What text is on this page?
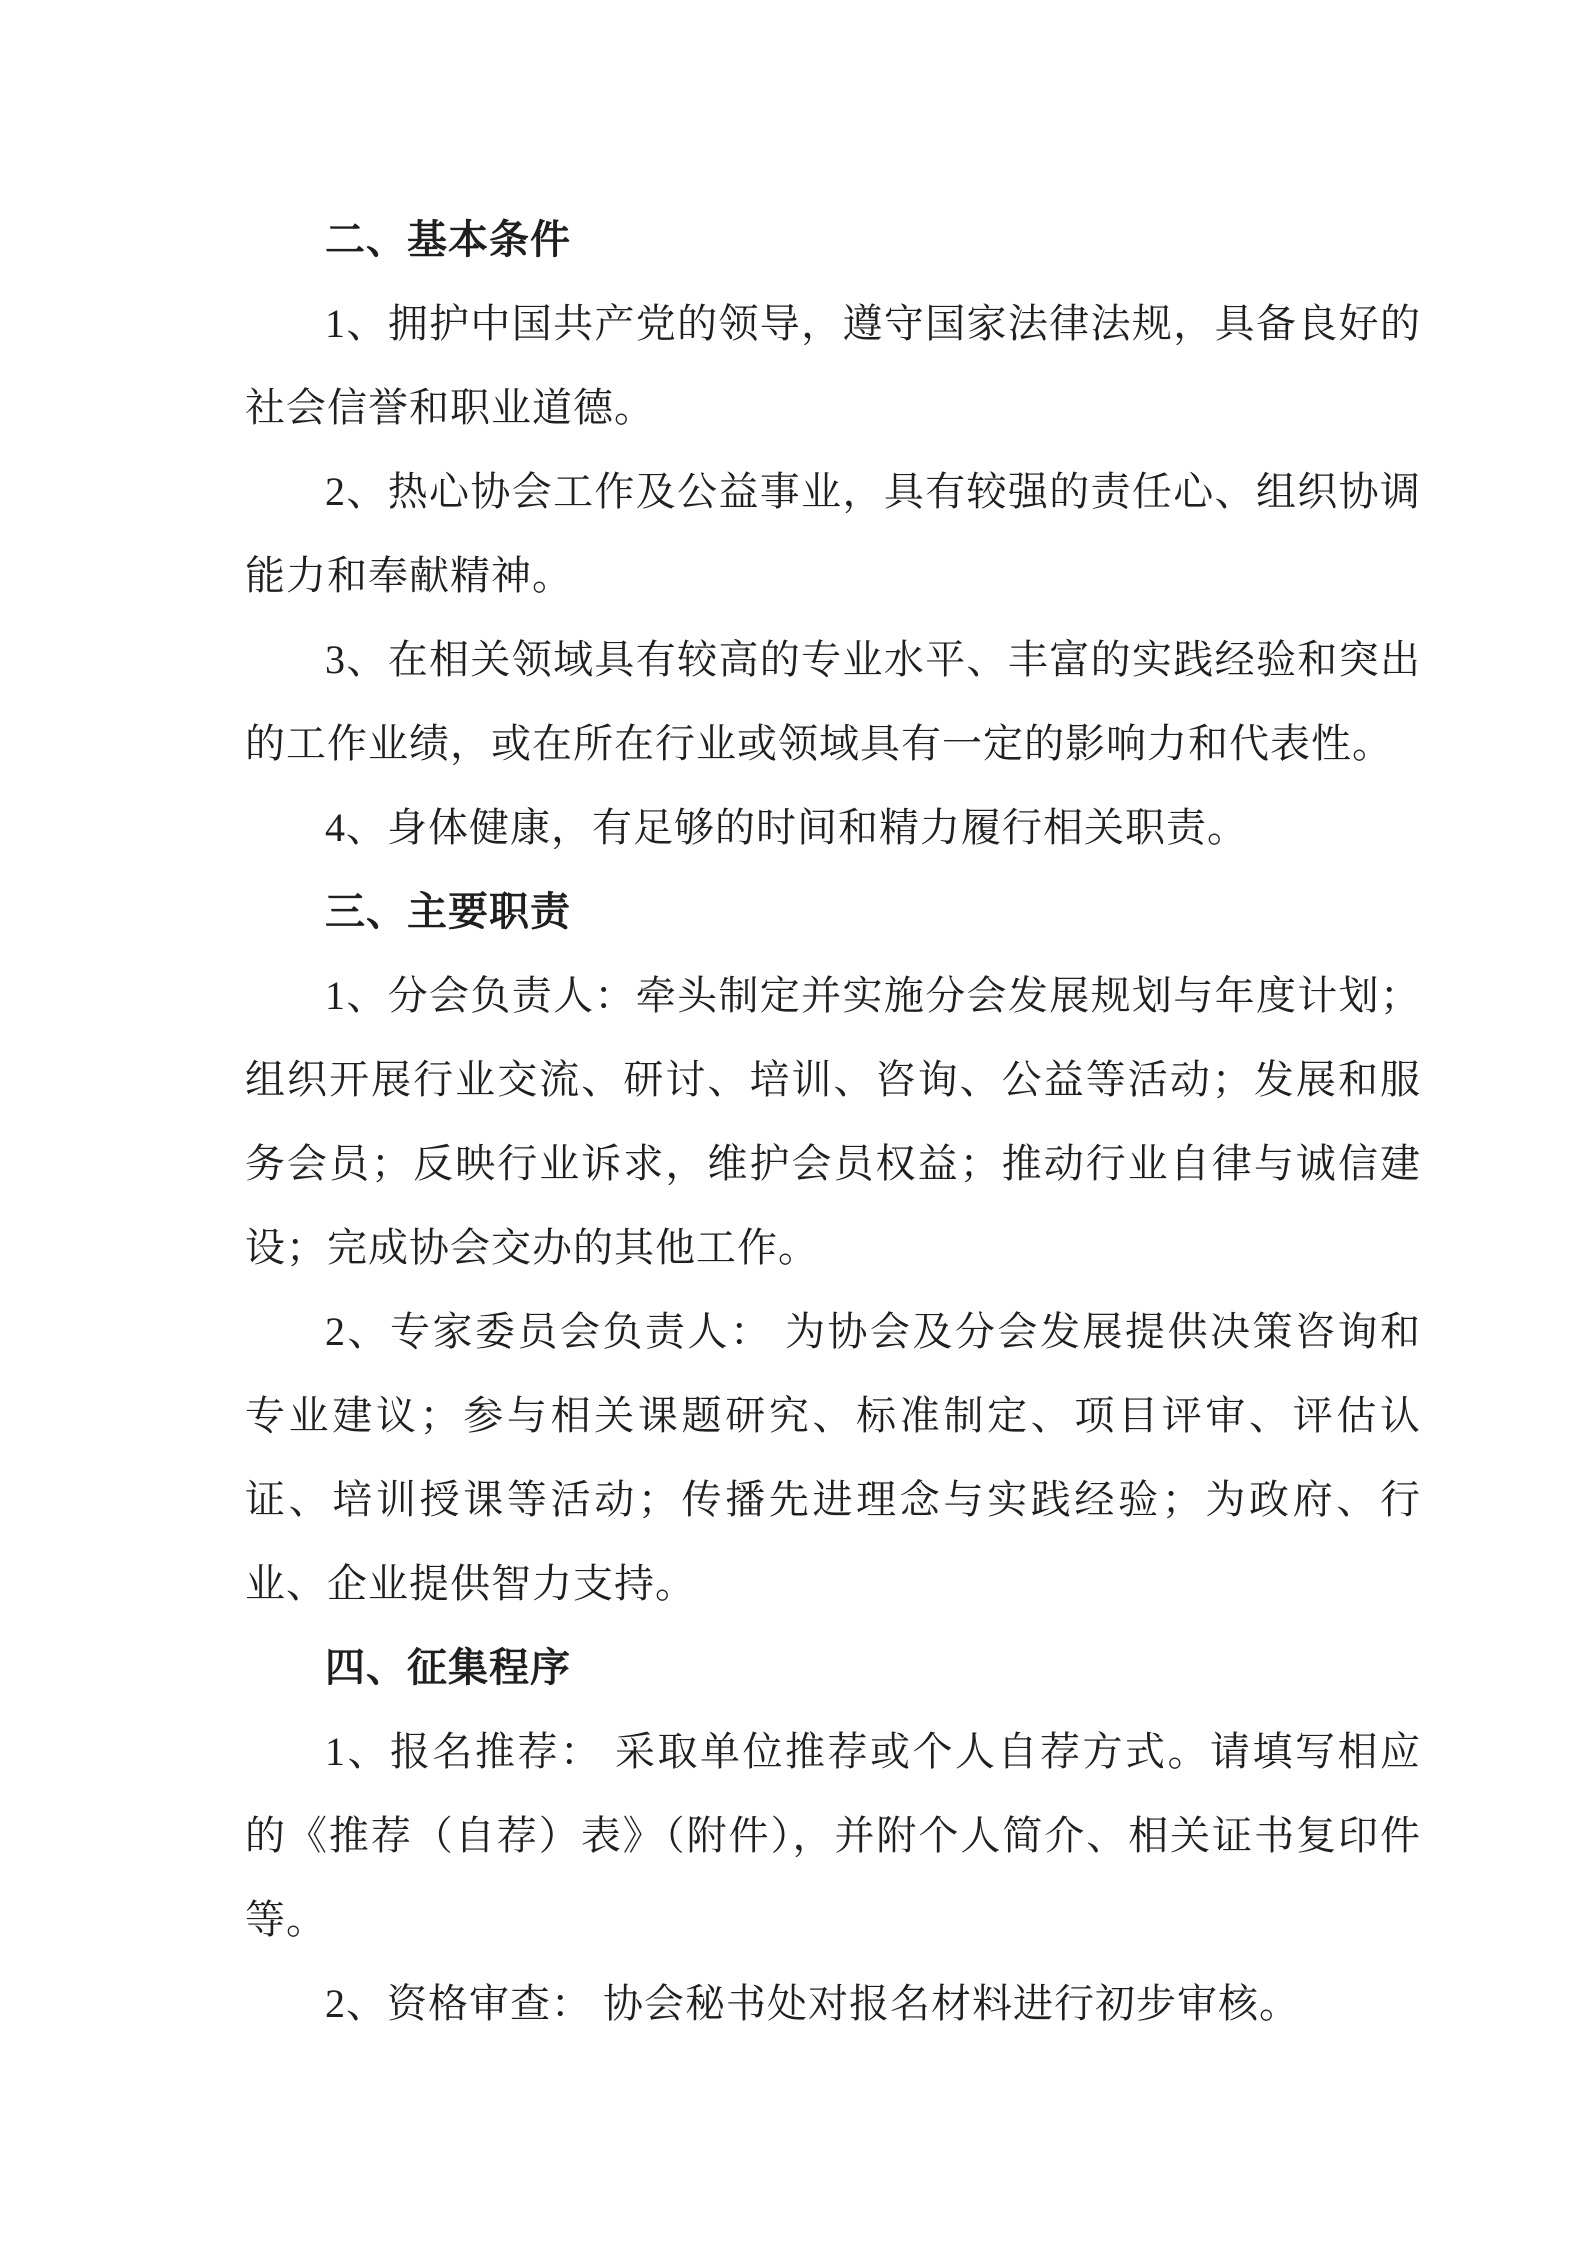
二、基本条件

1、拥护中国共产党的领导，遵守国家法律法规，具备良好的社会信誉和职业道德。

2、热心协会工作及公益事业，具有较强的责任心、组织协调能力和奉献精神。

3、在相关领域具有较高的专业水平、丰富的实践经验和突出的工作业绩，或在所在行业或领域具有一定的影响力和代表性。

4、身体健康，有足够的时间和精力履行相关职责。

三、主要职责

1、分会负责人：牵头制定并实施分会发展规划与年度计划；组织开展行业交流、研讨、培训、咨询、公益等活动；发展和服务会员；反映行业诉求，维护会员权益；推动行业自律与诚信建设；完成协会交办的其他工作。

2、专家委员会负责人： 为协会及分会发展提供决策咨询和专业建议；参与相关课题研究、标准制定、项目评审、评估认证、培训授课等活动；传播先进理念与实践经验；为政府、行业、企业提供智力支持。

四、征集程序

1、报名推荐： 采取单位推荐或个人自荐方式。请填写相应的《推荐（自荐）表》（附件），并附个人简介、相关证书复印件等。

2、资格审查： 协会秘书处对报名材料进行初步审核。
